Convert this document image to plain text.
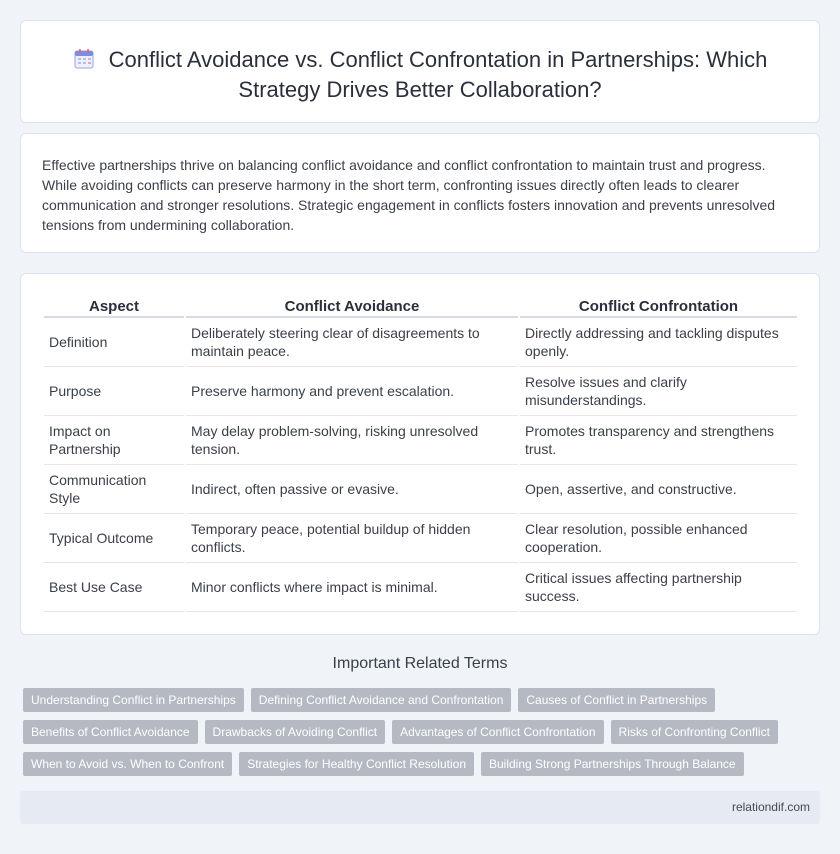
Conflict Avoidance vs. Conflict Confrontation in Partnerships: Which Strategy Drives Better Collaboration?

Effective partnerships thrive on balancing conflict avoidance and conflict confrontation to maintain trust and progress. While avoiding conflicts can preserve harmony in the short term, confronting issues directly often leads to clearer communication and stronger resolutions. Strategic engagement in conflicts fosters innovation and prevents unresolved tensions from undermining collaboration.

Aspect	Conflict Avoidance	Conflict Confrontation
Definition	Deliberately steering clear of disagreements to maintain peace.	Directly addressing and tackling disputes openly.
Purpose	Preserve harmony and prevent escalation.	Resolve issues and clarify misunderstandings.
Impact on Partnership	May delay problem-solving, risking unresolved tension.	Promotes transparency and strengthens trust.
Communication Style	Indirect, often passive or evasive.	Open, assertive, and constructive.
Typical Outcome	Temporary peace, potential buildup of hidden conflicts.	Clear resolution, possible enhanced cooperation.
Best Use Case	Minor conflicts where impact is minimal.	Critical issues affecting partnership success.
Important Related Terms
Understanding Conflict in Partnerships	Defining Conflict Avoidance and Confrontation	Causes of Conflict in Partnerships
Benefits of Conflict Avoidance	Drawbacks of Avoiding Conflict	Advantages of Conflict Confrontation	Risks of Confronting Conflict
When to Avoid vs. When to Confront	Strategies for Healthy Conflict Resolution	Building Strong Partnerships Through Balance
relationdif.com
